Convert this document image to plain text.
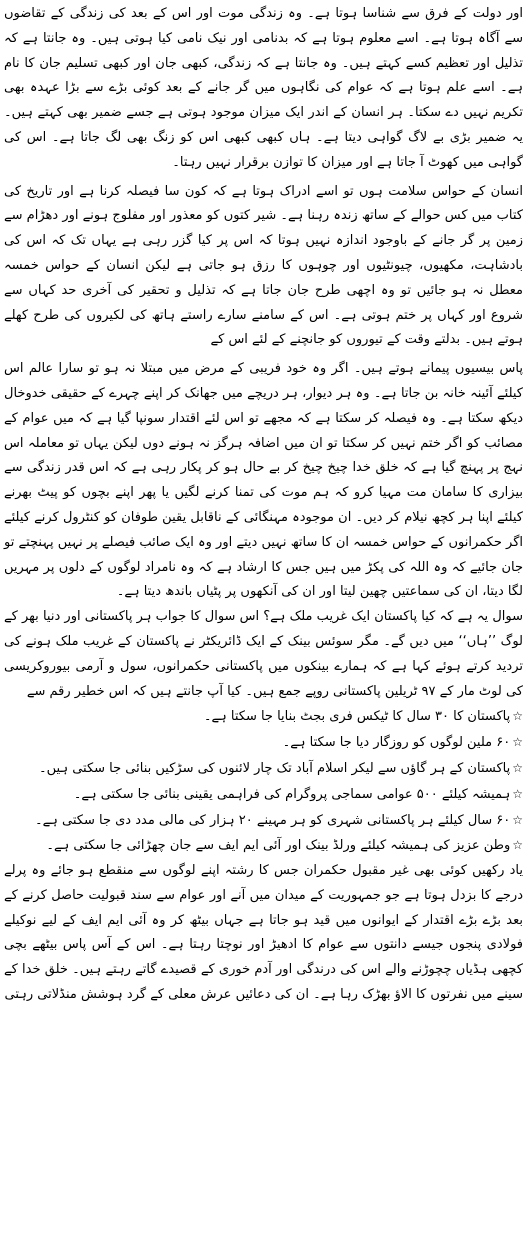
اور دولت کے فرق سے شناسا ہوتا ہے۔ وہ زندگی موت اور اس کے بعد کی زندگی کے تقاضوں سے آگاہ ہوتا ہے۔ اسے معلوم ہوتا ہے کہ بدنامی اور نیک نامی کیا ہوتی ہیں۔ وہ جانتا ہے کہ تذلیل اور تعظیم کسے کہتے ہیں۔ وہ جانتا ہے کہ زندگی، کبھی جان اور کبھی تسلیم جان کا نام ہے۔ اسے علم ہوتا ہے کہ عوام کی نگاہوں میں گر جانے کے بعد کوئی بڑے سے بڑا عہدہ بھی تکریم نہیں دے سکتا۔ ہر انسان کے اندر ایک میزان موجود ہوتی ہے جسے ضمیر بھی کہتے ہیں۔ یہ ضمیر بڑی بے لاگ گواہی دیتا ہے۔ ہاں کبھی کبھی اس کو زنگ بھی لگ جاتا ہے۔ اس کی گواہی میں کھوٹ آ جاتا ہے اور میزان کا توازن برقرار نہیں رہتا۔

انسان کے حواس سلامت ہوں تو اسے ادراک ہوتا ہے کہ کون سا فیصلہ کرنا ہے اور تاریخ کی کتاب میں کس حوالے کے ساتھ زندہ رہنا ہے۔ شیر کتوں کو معذور اور مفلوج ہونے اور دھڑام سے زمین پر گر جانے کے باوجود اندازہ نہیں ہوتا کہ اس پر کیا گزر رہی ہے یہاں تک کہ اس کی بادشاہت، مکھیوں، چیونٹیوں اور چوہوں کا رزق ہو جاتی ہے لیکن انسان کے حواس خمسہ معطل نہ ہو جائیں تو وہ اچھی طرح جان جاتا ہے کہ تذلیل و تحقیر کی آخری حد کہاں سے شروع اور کہاں پر ختم ہوتی ہے۔ اس کے سامنے سارے راستے ہاتھ کی لکیروں کی طرح کھلے ہوتے ہیں۔ بدلتے وقت کے تیوروں کو جانچنے کے لئے اس کے

پاس بیسیوں پیمانے ہوتے ہیں۔ اگر وہ خود فریبی کے مرض میں مبتلا نہ ہو تو سارا عالم اس کیلئے آئینہ خانہ بن جاتا ہے۔ وہ ہر دیوار، ہر دریچے میں جھانک کر اپنے چہرے کے حقیقی خدوخال دیکھ سکتا ہے۔ وہ فیصلہ کر سکتا ہے کہ مجھے تو اس لئے اقتدار سونپا گیا ہے کہ میں عوام کے مصائب کو اگر ختم نہیں کر سکتا تو ان میں اضافہ ہرگز نہ ہونے دوں لیکن یہاں تو معاملہ اس نہج پر پہنچ گیا ہے کہ خلق خدا چیخ چیخ کر بے حال ہو کر پکار رہی ہے کہ اس قدر زندگی سے بیزاری کا سامان مت مہیا کرو کہ ہم موت کی تمنا کرنے لگیں یا پھر اپنے بچوں کو پیٹ بھرنے کیلئے اپنا ہر کچھ نیلام کر دیں۔ ان موجودہ مہنگائی کے ناقابل یقین طوفان کو کنٹرول کرنے کیلئے اگر حکمرانوں کے حواس خمسہ ان کا ساتھ نہیں دیتے اور وہ ایک صائب فیصلے پر نہیں پہنچتے تو جان جائیے کہ وہ اللہ کی پکڑ میں ہیں جس کا ارشاد ہے کہ وہ نامراد لوگوں کے دلوں پر مہریں لگا دیتا، ان کی سماعتیں چھین لیتا اور ان کی آنکھوں پر پٹیاں باندھ دیتا ہے۔

سوال یہ ہے کہ کیا پاکستان ایک غریب ملک ہے؟ اس سوال کا جواب ہر پاکستانی اور دنیا بھر کے لوگ ’’ہاں‘‘ میں دیں گے۔ مگر سوئس بینک کے ایک ڈائریکٹر نے پاکستان کے غریب ملک ہونے کی تردید کرتے ہوئے کہا ہے کہ ہمارے بینکوں میں پاکستانی حکمرانوں، سول و آرمی بیوروکریسی کی لوٹ مار کے ۹۷ ٹریلین پاکستانی روپے جمع ہیں۔ کیا آپ جانتے ہیں کہ اس خطیر رقم سے

☆پاکستان کا ۳۰ سال کا ٹیکس فری بجٹ بنایا جا سکتا ہے۔
☆۶۰ ملین لوگوں کو روزگار دیا جا سکتا ہے۔
☆پاکستان کے ہر گاؤں سے لیکر اسلام آباد تک چار لائنوں کی سڑکیں بنائی جا سکتی ہیں۔
☆ہمیشہ کیلئے ۵۰۰ عوامی سماجی پروگرام کی فراہمی یقینی بنائی جا سکتی ہے۔
☆۶۰ سال کیلئے ہر پاکستانی شہری کو ہر مہینے ۲۰ ہزار کی مالی مدد دی جا سکتی ہے۔
☆وطن عزیز کی ہمیشہ کیلئے ورلڈ بینک اور آئی ایم ایف سے جان چھڑائی جا سکتی ہے۔

یاد رکھیں کوئی بھی غیر مقبول حکمران جس کا رشتہ اپنے لوگوں سے منقطع ہو جائے وہ پرلے درجے کا بزدل ہوتا ہے جو جمہوریت کے میدان میں آنے اور عوام سے سند قبولیت حاصل کرنے کے بعد بڑے بڑے اقتدار کے ایوانوں میں قید ہو جاتا ہے جہاں بیٹھ کر وہ آئی ایم ایف کے لیے نوکیلے فولادی پنجوں جیسے دانتوں سے عوام کا ادھیڑ اور نوچتا رہتا ہے۔ اس کے آس پاس بیٹھے بچی کچھی ہڈیاں چچوڑنے والے اس کی درندگی اور آدم خوری کے قصیدے گاتے رہتے ہیں۔ خلق خدا کے سینے میں نفرتوں کا الاؤ بھڑک رہا ہے۔ ان کی دعائیں عرش معلی کے گرد ہوشش منڈلاتی رہتی
